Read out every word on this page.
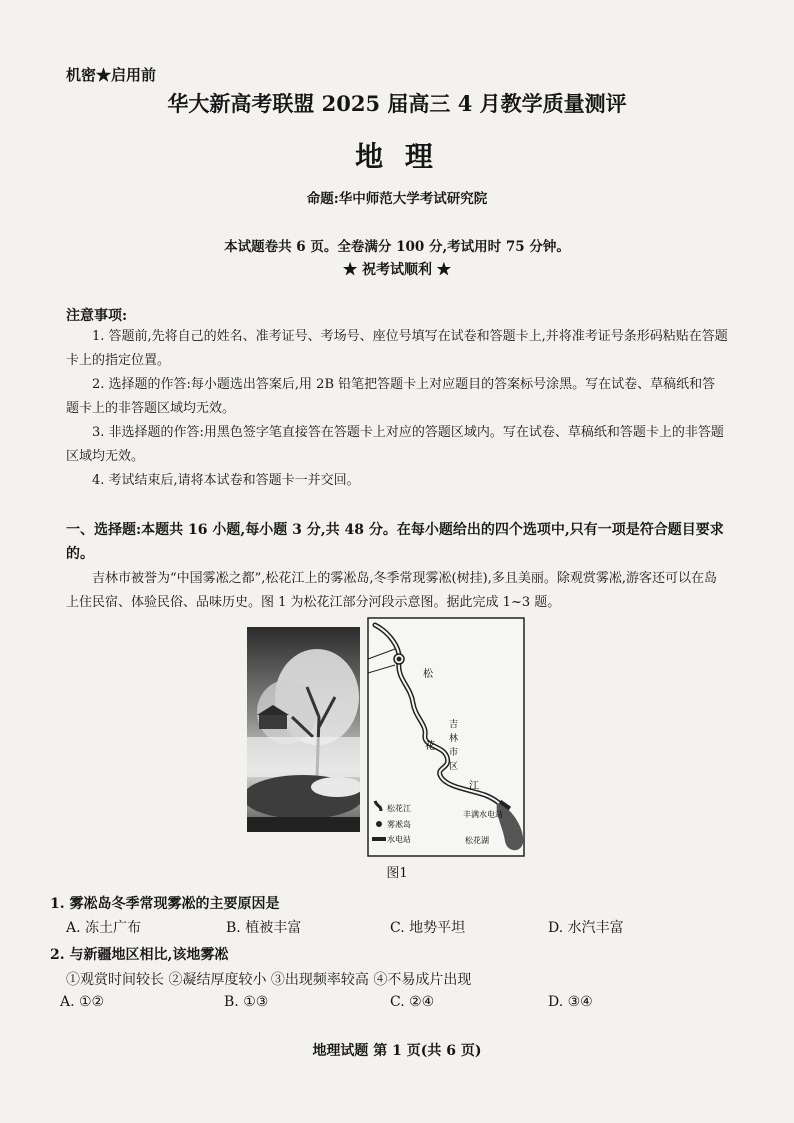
机密★启用前
华大新高考联盟 2025 届高三 4 月教学质量测评
地 理
命题:华中师范大学考试研究院
本试题卷共 6 页。全卷满分 100 分,考试用时 75 分钟。
★ 祝考试顺利 ★
注意事项:
1. 答题前,先将自己的姓名、准考证号、考场号、座位号填写在试卷和答题卡上,并将准考证号条形码粘贴在答题卡上的指定位置。
2. 选择题的作答:每小题选出答案后,用 2B 铅笔把答题卡上对应题目的答案标号涂黑。写在试卷、草稿纸和答题卡上的非答题区域均无效。
3. 非选择题的作答:用黑色签字笔直接答在答题卡上对应的答题区域内。写在试卷、草稿纸和答题卡上的非答题区域均无效。
4. 考试结束后,请将本试卷和答题卡一并交回。
一、选择题:本题共 16 小题,每小题 3 分,共 48 分。在每小题给出的四个选项中,只有一项是符合题目要求的。
吉林市被誉为“中国雾凇之都”,松花江上的雾凇岛,冬季常现雾凇(树挂),多且美丽。除观赏雾凇,游客还可以在岛上住民宿、体验民俗、品味历史。图 1 为松花江部分河段示意图。据此完成 1~3 题。
松
花
江
吉
林
市
区
丰满水电站
松花湖
松花江
雾凇岛
水电站
图1
1. 雾凇岛冬季常现雾凇的主要原因是
A. 冻土广布	B. 植被丰富	C. 地势平坦	D. 水汽丰富
2. 与新疆地区相比,该地雾凇
①观赏时间较长 ②凝结厚度较小 ③出现频率较高 ④不易成片出现
A. ①②	B. ①③	C. ②④	D. ③④
地理试题 第 1 页(共 6 页)
